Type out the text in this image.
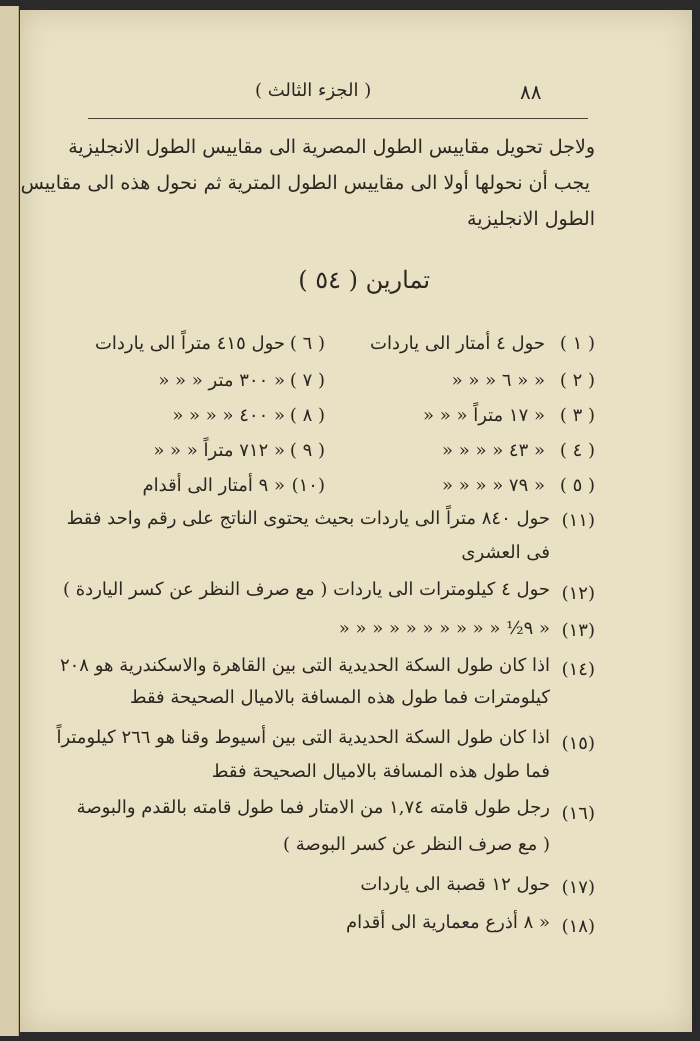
٨٨
( الجزء الثالث )
ولاجل تحويل مقاييس الطول المصرية الى مقاييس الطول الانجليزية
يجب أن نحولها أولا الى مقاييس الطول المترية ثم نحول هذه الى مقاييس
الطول الانجليزية
تمارين ( ٥٤ )
( ١ )
حول ٤ أمتار الى ياردات
( ٦ )
حول ٤١٥ متراً الى ياردات
( ٢ )
« « ٦ « « «
( ٧ )
« ٣٠٠ متر « « «
( ٣ )
« ١٧ متراً « « «
( ٨ )
« ٤٠٠ « « « «
( ٤ )
« ٤٣ « « « «
( ٩ )
« ٧١٢ متراً « « «
( ٥ )
« ٧٩ « « « «
(١٠)
« ٩ أمتار الى أقدام
(١١)
حول ٨٤٠ متراً الى ياردات بحيث يحتوى الناتج على رقم واحد فقط
فى العشرى
(١٢)
حول ٤ كيلومترات الى ياردات ( مع صرف النظر عن كسر الياردة )
(١٣)
« ٩½ « « « « « « « « « «
(١٤)
اذا كان طول السكة الحديدية التى بين القاهرة والاسكندرية هو ٢٠٨
كيلومترات فما طول هذه المسافة بالاميال الصحيحة فقط
(١٥)
اذا كان طول السكة الحديدية التى بين أسيوط وقنا هو ٢٦٦ كيلومتراً
فما طول هذه المسافة بالاميال الصحيحة فقط
(١٦)
رجل طول قامته ١,٧٤ من الامتار فما طول قامته بالقدم والبوصة
( مع صرف النظر عن كسر البوصة )
(١٧)
حول ١٢ قصبة الى ياردات
(١٨)
« ٨ أذرع معمارية الى أقدام
